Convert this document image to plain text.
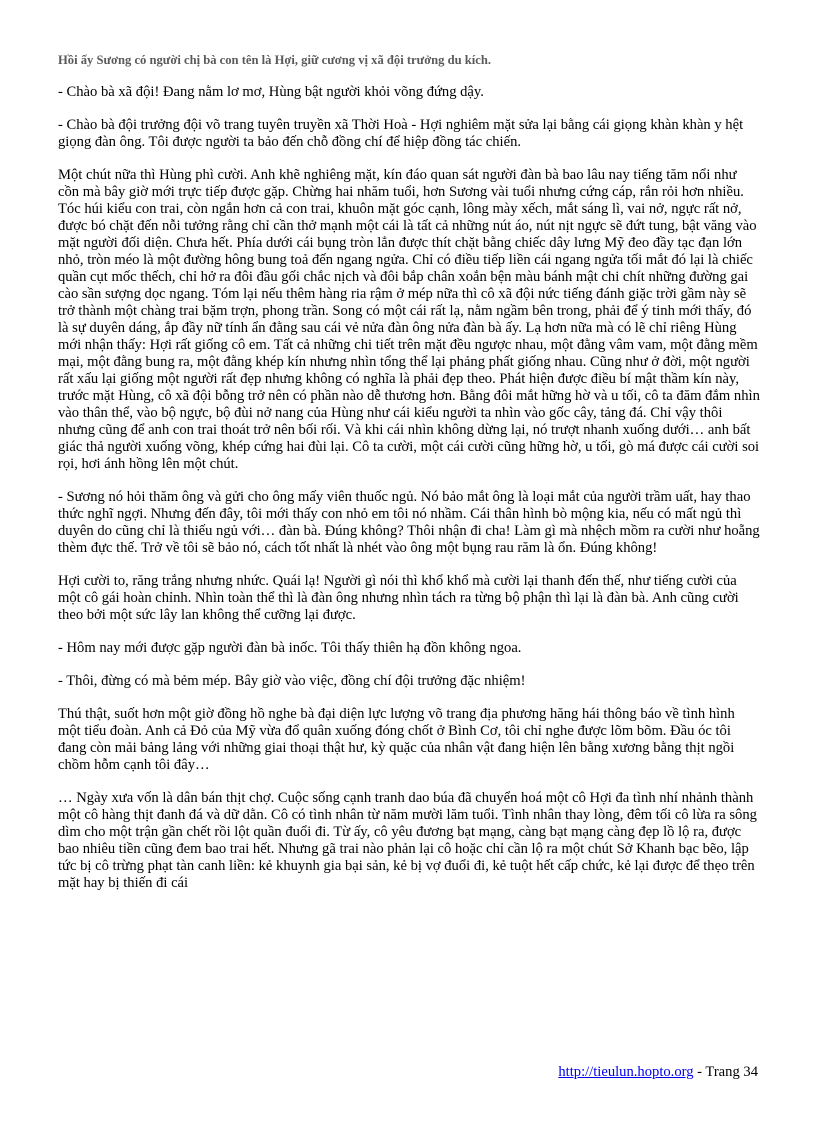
Hồi ấy Sương có người chị bà con tên là Hợi, giữ cương vị xã đội trưởng du kích.

- Chào bà xã đội! Đang nằm lơ mơ, Hùng bật người khỏi võng đứng dậy.

- Chào bà đội trưởng đội võ trang tuyên truyền xã Thời Hoà - Hợi nghiêm mặt sửa lại bằng cái giọng khàn khàn y hệt giọng đàn ông. Tôi được người ta bảo đến chỗ đồng chí để hiệp đồng tác chiến.

Một chút nữa thì Hùng phì cười. Anh khẽ nghiêng mặt, kín đáo quan sát người đàn bà bao lâu nay tiếng tăm nổi như cồn mà bây giờ mới trực tiếp được gặp. Chừng hai nhăm tuổi, hơn Sương vài tuổi nhưng cứng cáp, rắn rỏi hơn nhiều. Tóc húi kiểu con trai, còn ngắn hơn cả con trai, khuôn mặt góc cạnh, lông mày xếch, mắt sáng lì, vai nở, ngực rất nở, được bó chặt đến nỗi tưởng rằng chỉ cần thở mạnh một cái là tất cả những nút áo, nút nịt ngực sẽ đứt tung, bật văng vào mặt người đối diện. Chưa hết. Phía dưới cái bụng tròn lẳn được thít chặt bằng chiếc dây lưng Mỹ đeo đầy tạc đạn lớn nhỏ, tròn méo là một đường hông bung toả đến ngang ngửa. Chỉ có điều tiếp liền cái ngang ngửa tối mắt đó lại là chiếc quần cụt mốc thếch, chỉ hở ra đôi đầu gối chắc nịch và đôi bắp chân xoắn bện màu bánh mật chi chít những đường gai cào sần sượng dọc ngang. Tóm lại nếu thêm hàng ria rậm ở mép nữa thì cô xã đội nức tiếng đánh giặc trời gầm này sẽ trở thành một chàng trai bặm trợn, phong trần. Song có một cái rất lạ, nằm ngầm bên trong, phải để ý tinh mới thấy, đó là sự duyên dáng, ắp đầy nữ tính ẩn đằng sau cái vẻ nửa đàn ông nửa đàn bà ấy. Lạ hơn nữa mà có lẽ chỉ riêng Hùng mới nhận thấy: Hợi rất giống cô em. Tất cả những chi tiết trên mặt đều ngược nhau, một đằng vâm vam, một đằng mềm mại, một đằng bung ra, một đằng khép kín nhưng nhìn tổng thể lại phảng phất giống nhau. Cũng như ở đời, một người rất xấu lại giống một người rất đẹp nhưng không có nghĩa là phải đẹp theo. Phát hiện được điều bí mật thầm kín này, trước mặt Hùng, cô xã đội bỗng trở nên có phần nào dễ thương hơn. Bằng đôi mắt hững hờ và u tối, cô ta đăm đắm nhìn vào thân thể, vào bộ ngực, bộ đùi nở nang của Hùng như cái kiểu người ta nhìn vào gốc cây, tảng đá. Chỉ vậy thôi nhưng cũng để anh con trai thoát trở nên bối rối. Và khi cái nhìn không dừng lại, nó trượt nhanh xuống dưới… anh bất giác thả người xuống võng, khép cứng hai đùi lại. Cô ta cười, một cái cười cũng hững hờ, u tối, gò má được cái cười soi rọi, hơi ánh hồng lên một chút.

- Sương nó hỏi thăm ông và gửi cho ông mấy viên thuốc ngủ. Nó bảo mắt ông là loại mắt của người trầm uất, hay thao thức nghĩ ngợi. Nhưng đến đây, tôi mới thấy con nhỏ em tôi nó nhầm. Cái thân hình bò mộng kia, nếu có mất ngủ thì duyên do cũng chỉ là thiếu ngủ với… đàn bà. Đúng không? Thôi nhận đi cha! Làm gì mà nhệch mồm ra cười như hoẵng thèm đực thế. Trở về tôi sẽ bảo nó, cách tốt nhất là nhét vào ông một bụng rau răm là ổn. Đúng không!

Hợi cười to, răng trắng nhưng nhức. Quái lạ! Người gì nói thì khổ khổ mà cười lại thanh đến thế, như tiếng cười của một cô gái hoàn chỉnh. Nhìn toàn thể thì là đàn ông nhưng nhìn tách ra từng bộ phận thì lại là đàn bà. Anh cũng cười theo bởi một sức lây lan không thể cưỡng lại được.

- Hôm nay mới được gặp người đàn bà inốc. Tôi thấy thiên hạ đồn không ngoa.

- Thôi, đừng có mà bẻm mép. Bây giờ vào việc, đồng chí đội trưởng đặc nhiệm!

Thú thật, suốt hơn một giờ đồng hồ nghe bà đại diện lực lượng võ trang địa phương hăng hái thông báo về tình hình một tiểu đoàn. Anh cả Đỏ của Mỹ vừa đổ quân xuống đóng chốt ở Bình Cơ, tôi chỉ nghe được lõm bõm. Đầu óc tôi đang còn mải bảng lảng với những giai thoại thật hư, kỳ quặc của nhân vật đang hiện lên bằng xương bằng thịt ngồi chồm hỗm cạnh tôi đây…

… Ngày xưa vốn là dân bán thịt chợ. Cuộc sống cạnh tranh dao búa đã chuyển hoá một cô Hợi đa tình nhí nhảnh thành một cô hàng thịt đanh đá và dữ dằn. Cô có tình nhân từ năm mười lăm tuổi. Tình nhân thay lòng, đêm tối cô lừa ra sông dìm cho một trận gần chết rồi lột quần đuổi đi. Từ ấy, cô yêu đương bạt mạng, càng bạt mạng càng đẹp lồ lộ ra, được bao nhiêu tiền cũng đem bao trai hết. Nhưng gã trai nào phản lại cô hoặc chỉ cần lộ ra một chút Sở Khanh bạc bẽo, lập tức bị cô trừng phạt tàn canh liền: kẻ khuynh gia bại sản, kẻ bị vợ đuổi đi, kẻ tuột hết cấp chức, kẻ lại được để thẹo trên mặt hay bị thiến đi cái

http://tieulun.hopto.org - Trang 34
